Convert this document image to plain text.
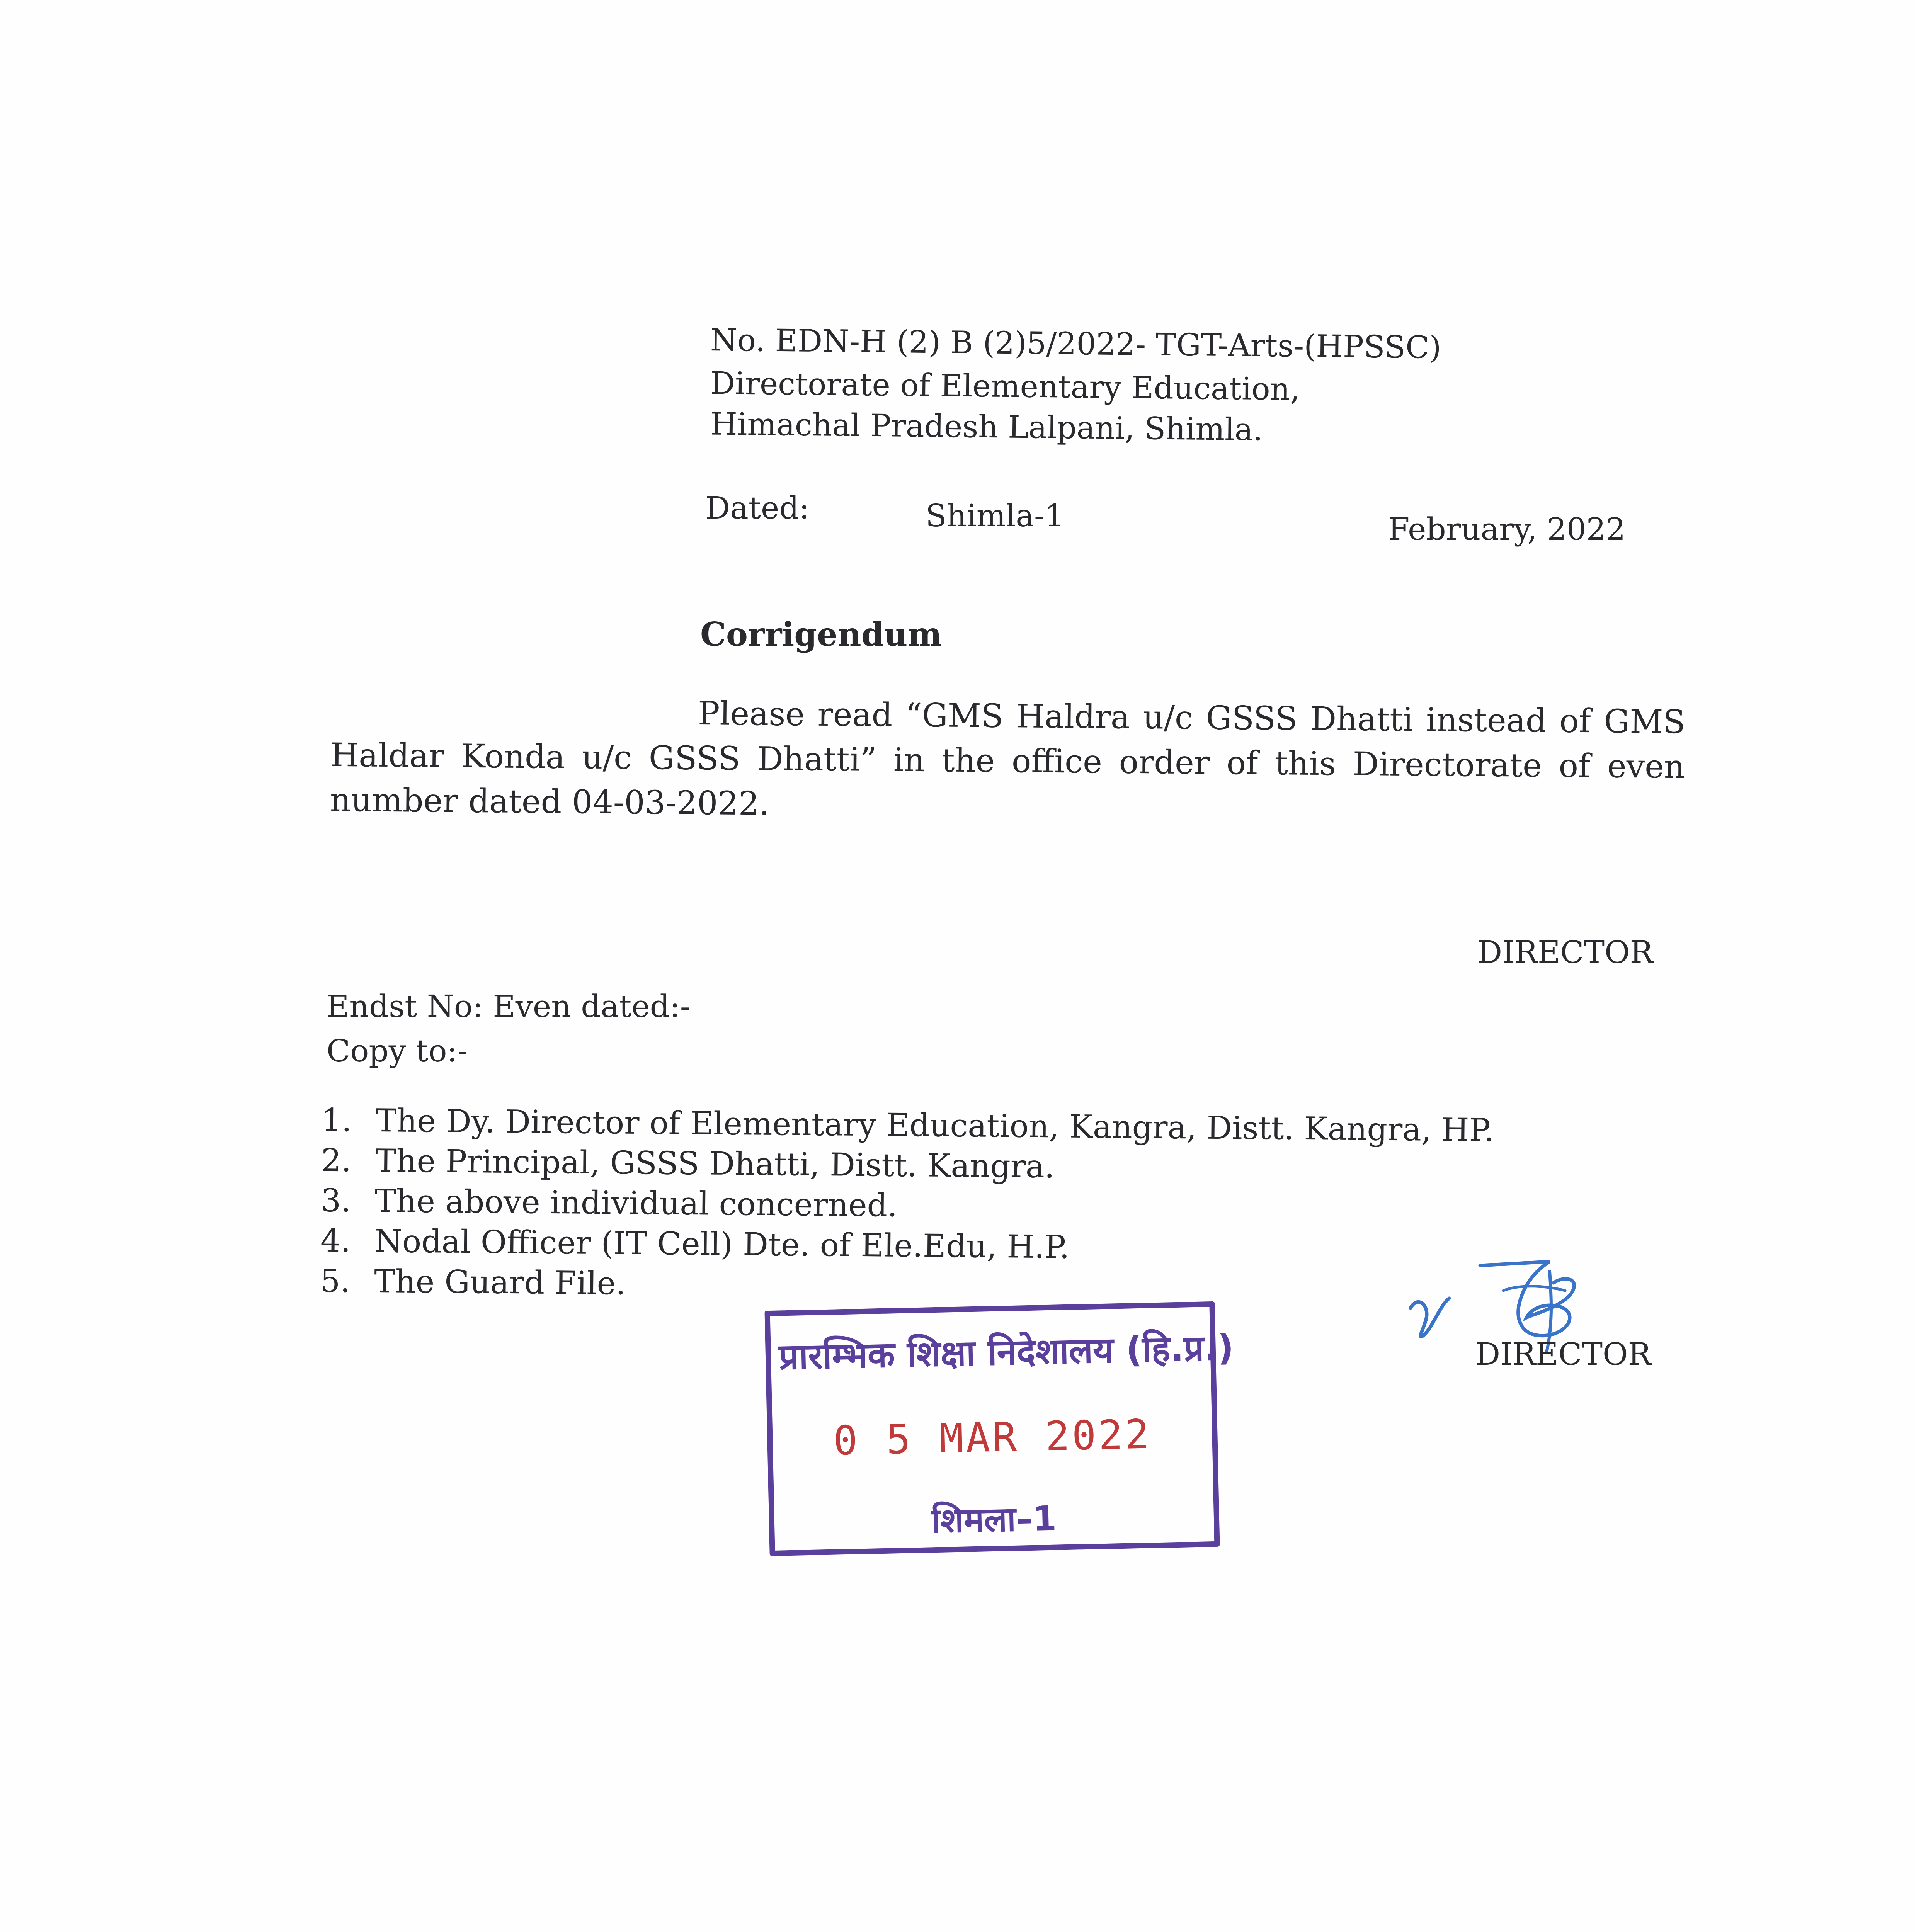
No. EDN-H (2) B (2)5/2022- TGT-Arts-(HPSSC)
Directorate of Elementary Education,
Himachal Pradesh Lalpani, Shimla.
Dated:	Shimla-1	February, 2022
Corrigendum
Please read “GMS Haldra u/c GSSS Dhatti instead of GMS Haldar Konda u/c GSSS Dhatti” in the office order of this Directorate of even number dated 04-03-2022.
DIRECTOR
Endst No: Even dated:-
Copy to:-
1. The Dy. Director of Elementary Education, Kangra, Distt. Kangra, HP.
2. The Principal, GSSS Dhatti, Distt. Kangra.
3. The above individual concerned.
4. Nodal Officer (IT Cell) Dte. of Ele.Edu, H.P.
5. The Guard File.
प्रारम्भिक शिक्षा निदेशालय (हि.प्र.)
0 5 MAR 2022
शिमला–1
DIRECTOR
